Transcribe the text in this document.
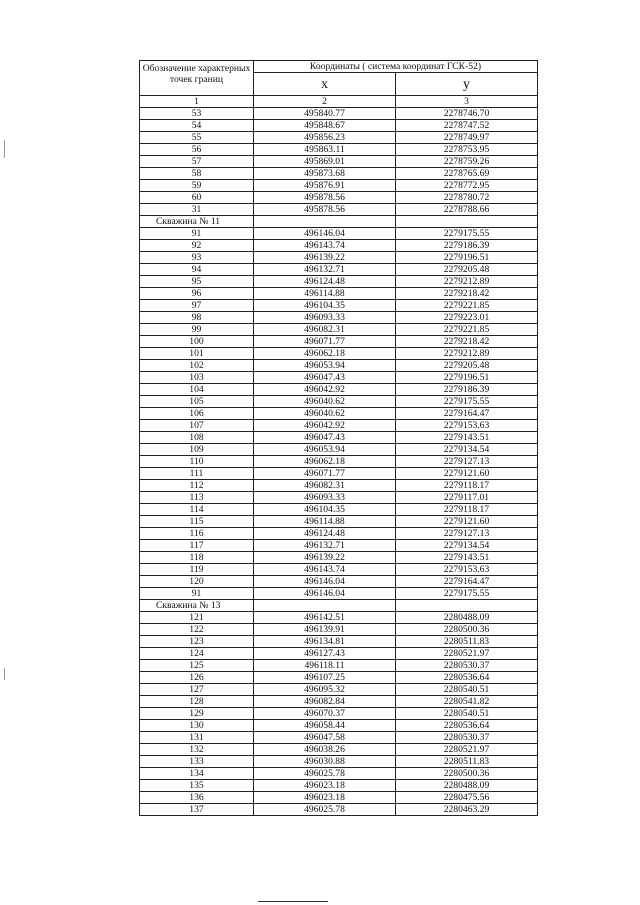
Обозначение характерных точек границ	Координаты ( система координат ГСК-52)	
	x	y
1	2	3
53	495840.77	2278746.70
54	495848.67	2278747.52
55	495856.23	2278749.97
56	495863.11	2278753.95
57	495869.01	2278759.26
58	495873.68	2278765.69
59	495876.91	2278772.95
60	495878.56	2278780.72
31	495878.56	2278788.66
Скважина № 11		
91	496146.04	2279175.55
92	496143.74	2279186.39
93	496139.22	2279196.51
94	496132.71	2279205.48
95	496124.48	2279212.89
96	496114.88	2279218.42
97	496104.35	2279221.85
98	496093.33	2279223.01
99	496082.31	2279221.85
100	496071.77	2279218.42
101	496062.18	2279212.89
102	496053.94	2279205.48
103	496047.43	2279196.51
104	496042.92	2279186.39
105	496040.62	2279175.55
106	496040.62	2279164.47
107	496042.92	2279153.63
108	496047.43	2279143.51
109	496053.94	2279134.54
110	496062.18	2279127.13
111	496071.77	2279121.60
112	496082.31	2279118.17
113	496093.33	2279117.01
114	496104.35	2279118.17
115	496114.88	2279121.60
116	496124.48	2279127.13
117	496132.71	2279134.54
118	496139.22	2279143.51
119	496143.74	2279153.63
120	496146.04	2279164.47
91	496146.04	2279175.55
Скважина № 13		
121	496142.51	2280488.09
122	496139.91	2280500.36
123	496134.81	2280511.83
124	496127.43	2280521.97
125	496118.11	2280530.37
126	496107.25	2280536.64
127	496095.32	2280540.51
128	496082.84	2280541.82
129	496070.37	2280540.51
130	496058.44	2280536.64
131	496047.58	2280530.37
132	496038.26	2280521.97
133	496030.88	2280511.83
134	496025.78	2280500.36
135	496023.18	2280488.09
136	496023.18	2280475.56
137	496025.78	2280463.29
